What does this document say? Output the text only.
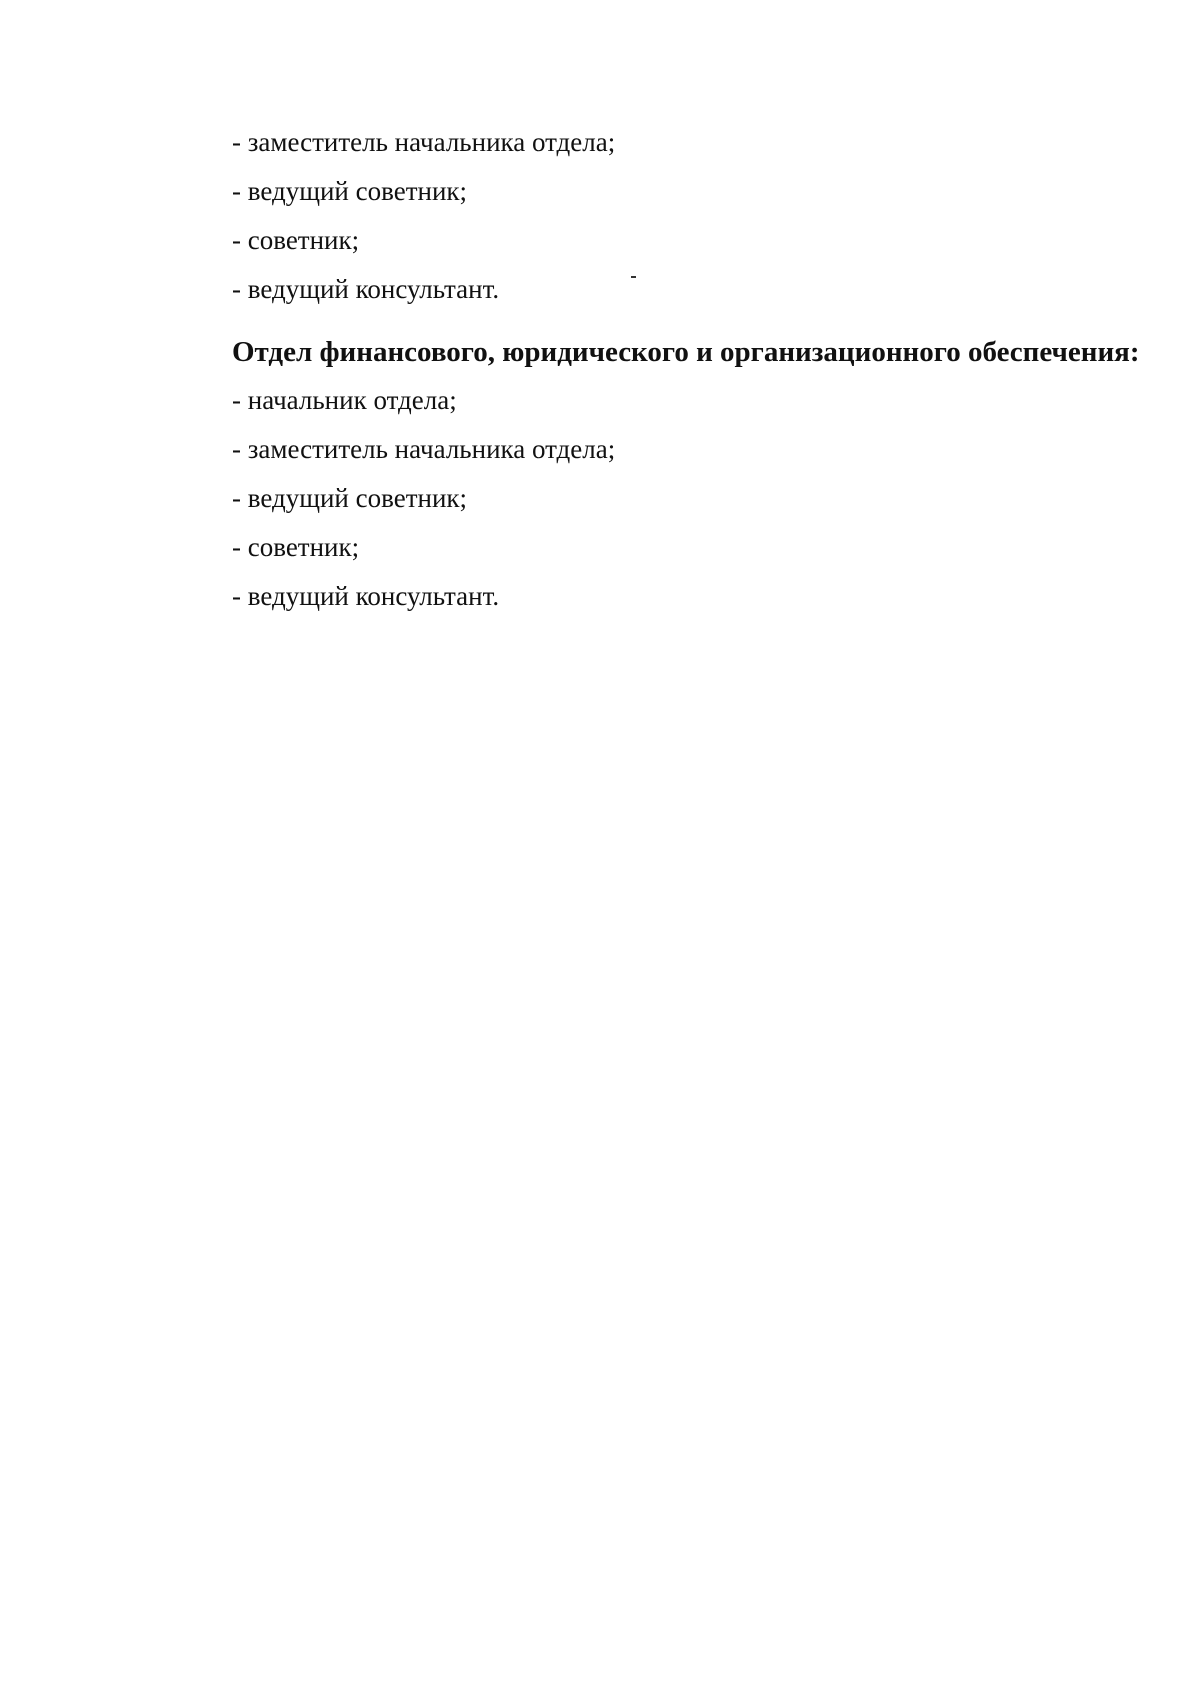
- заместитель начальника отдела;
- ведущий советник;
- советник;
- ведущий консультант.
Отдел финансового, юридического и организационного обеспечения:
- начальник отдела;
- заместитель начальника отдела;
- ведущий советник;
- советник;
- ведущий консультант.
